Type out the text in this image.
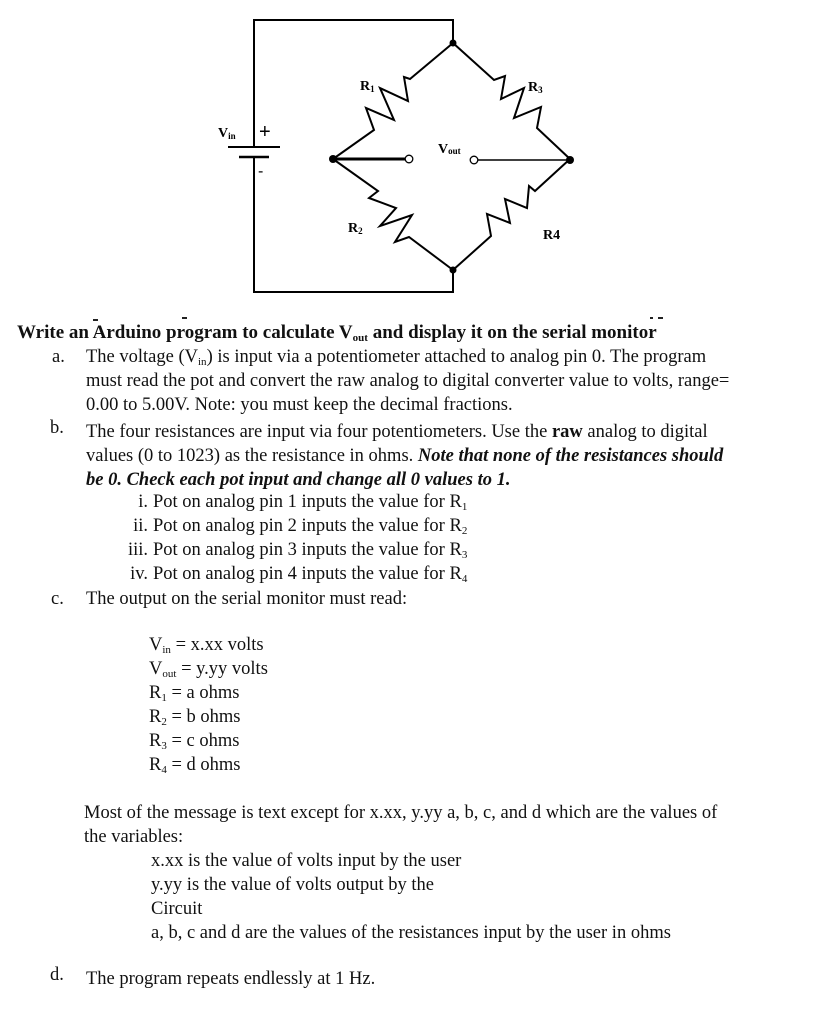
Vin +
-
R1	R3
R2	R4
Vout
Write an Arduino program to calculate $V_{out}$ and display it on the serial monitor
a. The voltage $(V_{in})$ is input via a potentiometer attached to analog pin 0. The program
must read the pot and convert the raw analog to digital converter value to volts, range=
0.00 to 5.00V. Note: you must keep the decimal fractions.
b. The four resistances are input via four potentiometers. Use the raw analog to digital
values (0 to 1023) as the resistance in ohms. Note that none of the resistances should
be 0. Check each pot input and change all 0 values to 1.
i. Pot on analog pin 1 inputs the value for $R_1$
ii. Pot on analog pin 2 inputs the value for $R_2$
iii. Pot on analog pin 3 inputs the value for $R_3$
iv. Pot on analog pin 4 inputs the value for $R_4$
c. The output on the serial monitor must read:
$V_{in} = x.xx$ volts
$V_{out} = y.yy$ volts
$R_1 = a$ ohms
$R_2 = b$ ohms
$R_3 = c$ ohms
$R_4 = d$ ohms
Most of the message is text except for x.xx, y.yy a, b, c, and d which are the values of
the variables:
x.xx is the value of volts input by the user
y.yy is the value of volts output by the
Circuit
a, b, c and d are the values of the resistances input by the user in ohms
d. The program repeats endlessly at 1 Hz.
